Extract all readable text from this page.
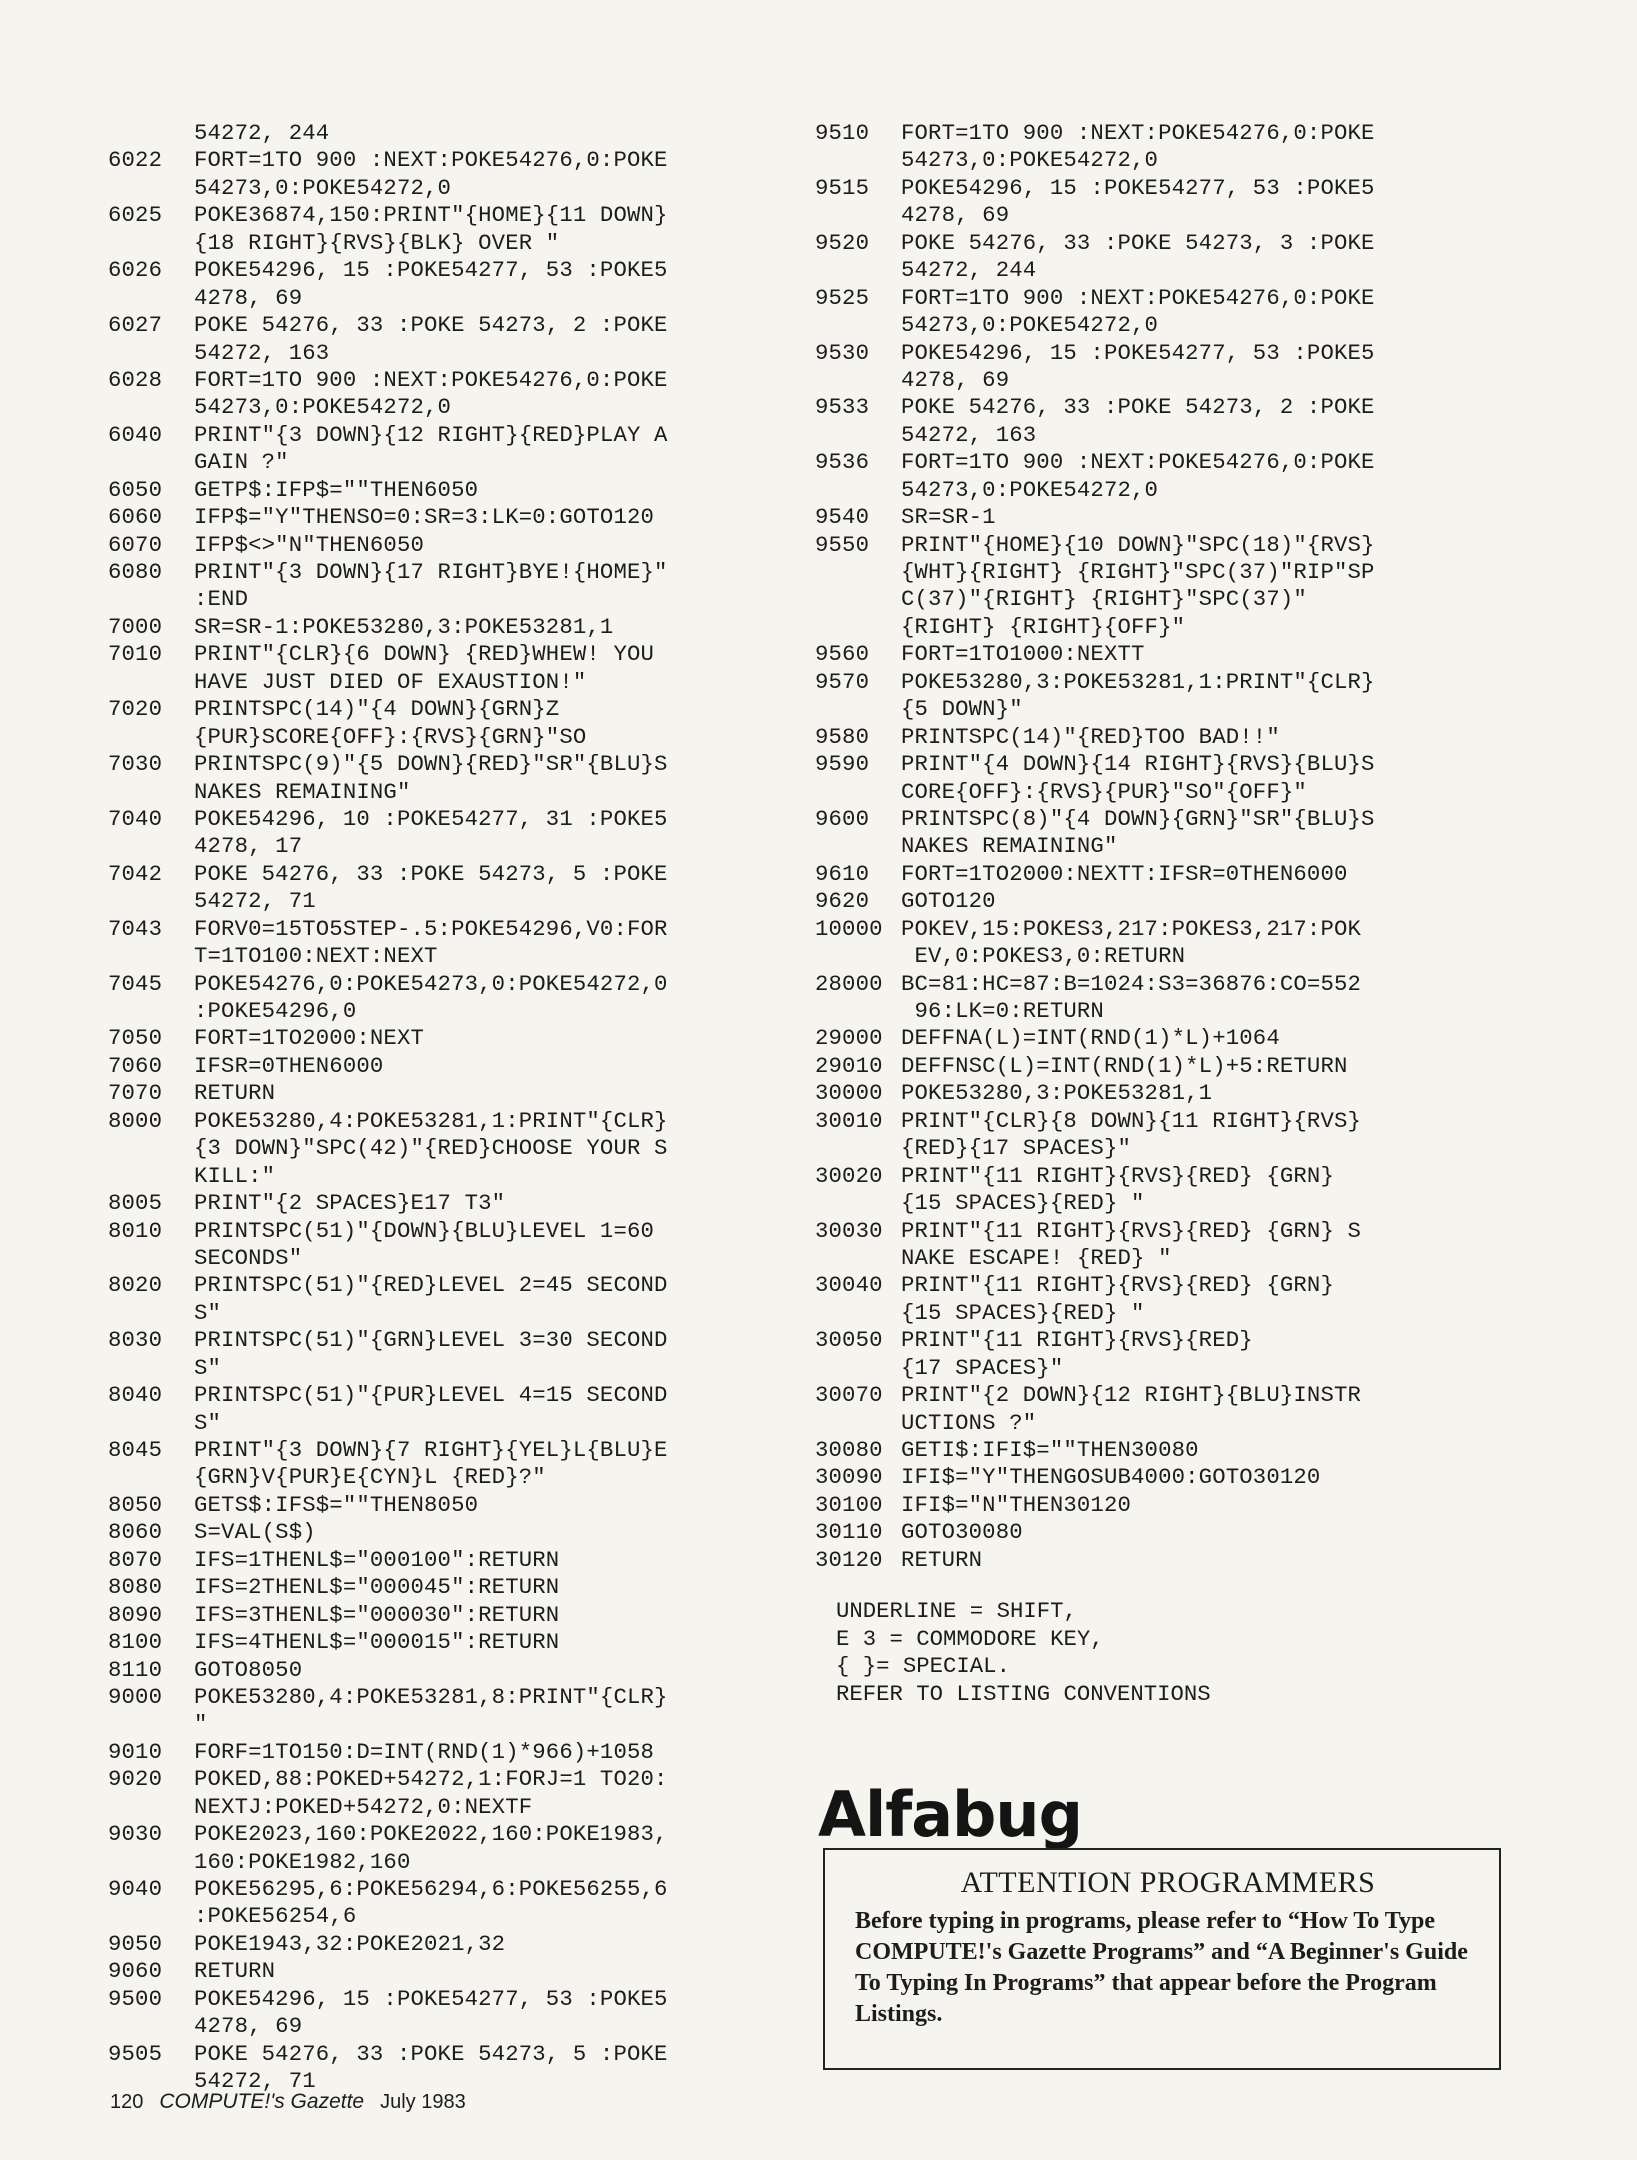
54272, 244
6022	FORT=1TO 900 :NEXT:POKE54276,0:POKE
54273,0:POKE54272,0
6025	POKE36874,150:PRINT"{HOME}{11 DOWN}
{18 RIGHT}{RVS}{BLK} OVER "
6026	POKE54296, 15 :POKE54277, 53 :POKE5
4278, 69
6027	POKE 54276, 33 :POKE 54273, 2 :POKE
54272, 163
6028	FORT=1TO 900 :NEXT:POKE54276,0:POKE
54273,0:POKE54272,0
6040	PRINT"{3 DOWN}{12 RIGHT}{RED}PLAY A
GAIN ?"
6050	GETP$:IFP$=""THEN6050
6060	IFP$="Y"THENSO=0:SR=3:LK=0:GOTO120
6070	IFP$<>"N"THEN6050
6080	PRINT"{3 DOWN}{17 RIGHT}BYE!{HOME}"
:END
7000	SR=SR-1:POKE53280,3:POKE53281,1
7010	PRINT"{CLR}{6 DOWN} {RED}WHEW! YOU
HAVE JUST DIED OF EXAUSTION!"
7020	PRINTSPC(14)"{4 DOWN}{GRN}Z
{PUR}SCORE{OFF}:{RVS}{GRN}"SO
7030	PRINTSPC(9)"{5 DOWN}{RED}"SR"{BLU}S
NAKES REMAINING"
7040	POKE54296, 10 :POKE54277, 31 :POKE5
4278, 17
7042	POKE 54276, 33 :POKE 54273, 5 :POKE
54272, 71
7043	FORV0=15TO5STEP-.5:POKE54296,V0:FOR
T=1TO100:NEXT:NEXT
7045	POKE54276,0:POKE54273,0:POKE54272,0
:POKE54296,0
7050	FORT=1TO2000:NEXT
7060	IFSR=0THEN6000
7070	RETURN
8000	POKE53280,4:POKE53281,1:PRINT"{CLR}
{3 DOWN}"SPC(42)"{RED}CHOOSE YOUR S
KILL:"
8005	PRINT"{2 SPACES}E17 T3"
8010	PRINTSPC(51)"{DOWN}{BLU}LEVEL 1=60
SECONDS"
8020	PRINTSPC(51)"{RED}LEVEL 2=45 SECOND
S"
8030	PRINTSPC(51)"{GRN}LEVEL 3=30 SECOND
S"
8040	PRINTSPC(51)"{PUR}LEVEL 4=15 SECOND
S"
8045	PRINT"{3 DOWN}{7 RIGHT}{YEL}L{BLU}E
{GRN}V{PUR}E{CYN}L {RED}?"
8050	GETS$:IFS$=""THEN8050
8060	S=VAL(S$)
8070	IFS=1THENL$="000100":RETURN
8080	IFS=2THENL$="000045":RETURN
8090	IFS=3THENL$="000030":RETURN
8100	IFS=4THENL$="000015":RETURN
8110	GOTO8050
9000	POKE53280,4:POKE53281,8:PRINT"{CLR}
"
9010	FORF=1TO150:D=INT(RND(1)*966)+1058
9020	POKED,88:POKED+54272,1:FORJ=1 TO20:
NEXTJ:POKED+54272,0:NEXTF
9030	POKE2023,160:POKE2022,160:POKE1983,
160:POKE1982,160
9040	POKE56295,6:POKE56294,6:POKE56255,6
:POKE56254,6
9050	POKE1943,32:POKE2021,32
9060	RETURN
9500	POKE54296, 15 :POKE54277, 53 :POKE5
4278, 69
9505	POKE 54276, 33 :POKE 54273, 5 :POKE
54272, 71
9510	FORT=1TO 900 :NEXT:POKE54276,0:POKE
54273,0:POKE54272,0
9515	POKE54296, 15 :POKE54277, 53 :POKE5
4278, 69
9520	POKE 54276, 33 :POKE 54273, 3 :POKE
54272, 244
9525	FORT=1TO 900 :NEXT:POKE54276,0:POKE
54273,0:POKE54272,0
9530	POKE54296, 15 :POKE54277, 53 :POKE5
4278, 69
9533	POKE 54276, 33 :POKE 54273, 2 :POKE
54272, 163
9536	FORT=1TO 900 :NEXT:POKE54276,0:POKE
54273,0:POKE54272,0
9540	SR=SR-1
9550	PRINT"{HOME}{10 DOWN}"SPC(18)"{RVS}
{WHT}{RIGHT} {RIGHT}"SPC(37)"RIP"SP
C(37)"{RIGHT} {RIGHT}"SPC(37)"
{RIGHT} {RIGHT}{OFF}"
9560	FORT=1TO1000:NEXTT
9570	POKE53280,3:POKE53281,1:PRINT"{CLR}
{5 DOWN}"
9580	PRINTSPC(14)"{RED}TOO BAD!!"
9590	PRINT"{4 DOWN}{14 RIGHT}{RVS}{BLU}S
CORE{OFF}:{RVS}{PUR}"SO"{OFF}"
9600	PRINTSPC(8)"{4 DOWN}{GRN}"SR"{BLU}S
NAKES REMAINING"
9610	FORT=1TO2000:NEXTT:IFSR=0THEN6000
9620	GOTO120
10000 POKEV,15:POKES3,217:POKES3,217:POK
EV,0:POKES3,0:RETURN
28000 BC=81:HC=87:B=1024:S3=36876:CO=552
96:LK=0:RETURN
29000 DEFFNA(L)=INT(RND(1)*L)+1064
29010 DEFFNSC(L)=INT(RND(1)*L)+5:RETURN
30000 POKE53280,3:POKE53281,1
30010 PRINT"{CLR}{8 DOWN}{11 RIGHT}{RVS}
{RED}{17 SPACES}"
30020 PRINT"{11 RIGHT}{RVS}{RED} {GRN}
{15 SPACES}{RED} "
30030 PRINT"{11 RIGHT}{RVS}{RED} {GRN} S
NAKE ESCAPE! {RED} "
30040 PRINT"{11 RIGHT}{RVS}{RED} {GRN}
{15 SPACES}{RED} "
30050 PRINT"{11 RIGHT}{RVS}{RED}
{17 SPACES}"
30070 PRINT"{2 DOWN}{12 RIGHT}{BLU}INSTR
UCTIONS ?"
30080 GETI$:IFI$=""THEN30080
30090 IFI$="Y"THENGOSUB4000:GOTO30120
30100 IFI$="N"THEN30120
30110 GOTO30080
30120 RETURN
UNDERLINE = SHIFT,
E 3 = COMMODORE KEY,
{ }= SPECIAL.
REFER TO LISTING CONVENTIONS
Alfabug
ATTENTION PROGRAMMERS
Before typing in programs, please refer to “How To Type COMPUTE!'s Gazette Programs” and “A Beginner's Guide To Typing In Programs” that appear before the Program Listings.
120 COMPUTE!'s Gazette July 1983
